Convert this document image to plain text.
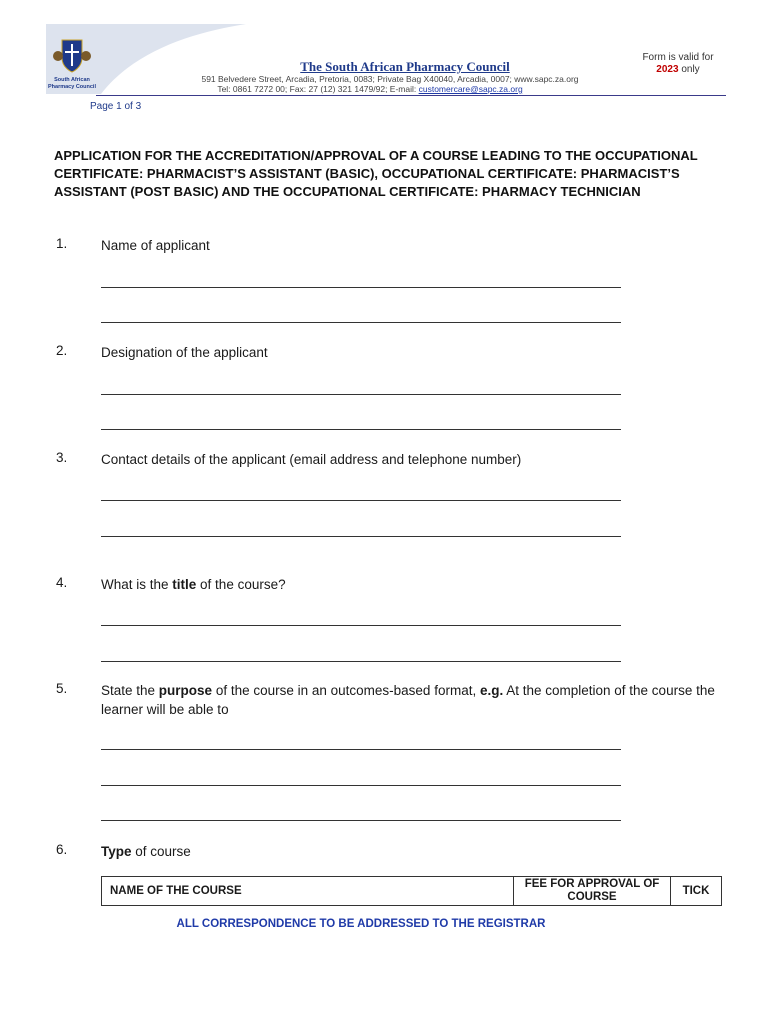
South African
Pharmacy Council
The South African Pharmacy Council
591 Belvedere Street, Arcadia, Pretoria, 0083; Private Bag X40040, Arcadia, 0007; www.sapc.za.org
Tel: 0861 7272 00; Fax: 27 (12) 321 1479/92; E-mail: customercare@sapc.za.org
Form is valid for
2023 only
Page 1 of 3
APPLICATION FOR THE ACCREDITATION/APPROVAL OF A COURSE LEADING TO THE OCCUPATIONAL CERTIFICATE: PHARMACIST’S ASSISTANT (BASIC), OCCUPATIONAL CERTIFICATE: PHARMACIST’S ASSISTANT (POST BASIC) AND THE OCCUPATIONAL CERTIFICATE: PHARMACY TECHNICIAN
1. Name of applicant
2. Designation of the applicant
3. Contact details of the applicant (email address and telephone number)
4. What is the title of the course?
5. State the purpose of the course in an outcomes-based format, e.g. At the completion of the course the learner will be able to
6. Type of course
NAME OF THE COURSE	FEE FOR APPROVAL OF COURSE	TICK
ALL CORRESPONDENCE TO BE ADDRESSED TO THE REGISTRAR
